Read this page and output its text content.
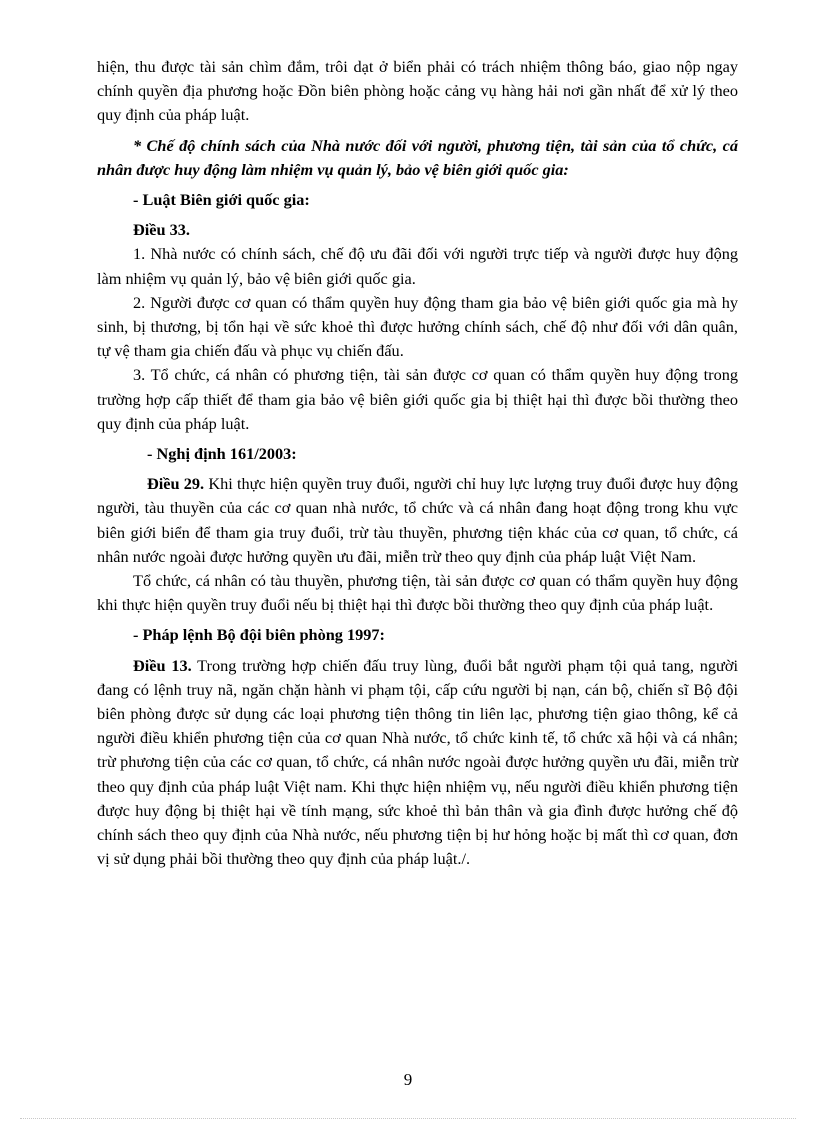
hiện, thu được tài sản chìm đắm, trôi dạt ở biển phải có trách nhiệm thông báo, giao nộp ngay chính quyền địa phương hoặc Đồn biên phòng hoặc cảng vụ hàng hải nơi gần nhất để xử lý theo quy định của pháp luật.

* Chế độ chính sách của Nhà nước đối với người, phương tiện, tài sản của tổ chức, cá nhân được huy động làm nhiệm vụ quản lý, bảo vệ biên giới quốc gia:

- Luật Biên giới quốc gia:

Điều 33.

1. Nhà nước có chính sách, chế độ ưu đãi đối với người trực tiếp và người được huy động làm nhiệm vụ quản lý, bảo vệ biên giới quốc gia.

2. Người được cơ quan có thẩm quyền huy động tham gia bảo vệ biên giới quốc gia mà hy sinh, bị thương, bị tổn hại về sức khoẻ thì được hưởng chính sách, chế độ như đối với dân quân, tự vệ tham gia chiến đấu và phục vụ chiến đấu.

3. Tổ chức, cá nhân có phương tiện, tài sản được cơ quan có thẩm quyền huy động trong trường hợp cấp thiết để tham gia bảo vệ biên giới quốc gia bị thiệt hại thì được bồi thường theo quy định của pháp luật.

- Nghị định 161/2003:

Điều 29. Khi thực hiện quyền truy đuổi, người chỉ huy lực lượng truy đuổi được huy động người, tàu thuyền của các cơ quan nhà nước, tổ chức và cá nhân đang hoạt động trong khu vực biên giới biển để tham gia truy đuổi, trừ tàu thuyền, phương tiện khác của cơ quan, tổ chức, cá nhân nước ngoài được hưởng quyền ưu đãi, miễn trừ theo quy định của pháp luật Việt Nam.

Tổ chức, cá nhân có tàu thuyền, phương tiện, tài sản được cơ quan có thẩm quyền huy động khi thực hiện quyền truy đuổi nếu bị thiệt hại thì được bồi thường theo quy định của pháp luật.

- Pháp lệnh Bộ đội biên phòng 1997:

Điều 13. Trong trường hợp chiến đấu truy lùng, đuổi bắt người phạm tội quả tang, người đang có lệnh truy nã, ngăn chặn hành vi phạm tội, cấp cứu người bị nạn, cán bộ, chiến sĩ Bộ đội biên phòng được sử dụng các loại phương tiện thông tin liên lạc, phương tiện giao thông, kể cả người điều khiển phương tiện của cơ quan Nhà nước, tổ chức kinh tế, tổ chức xã hội và cá nhân; trừ phương tiện của các cơ quan, tổ chức, cá nhân nước ngoài được hưởng quyền ưu đãi, miễn trừ theo quy định của pháp luật Việt nam. Khi thực hiện nhiệm vụ, nếu người điều khiển phương tiện được huy động bị thiệt hại về tính mạng, sức khoẻ thì bản thân và gia đình được hưởng chế độ chính sách theo quy định của Nhà nước, nếu phương tiện bị hư hỏng hoặc bị mất thì cơ quan, đơn vị sử dụng phải bồi thường theo quy định của pháp luật./.

9
